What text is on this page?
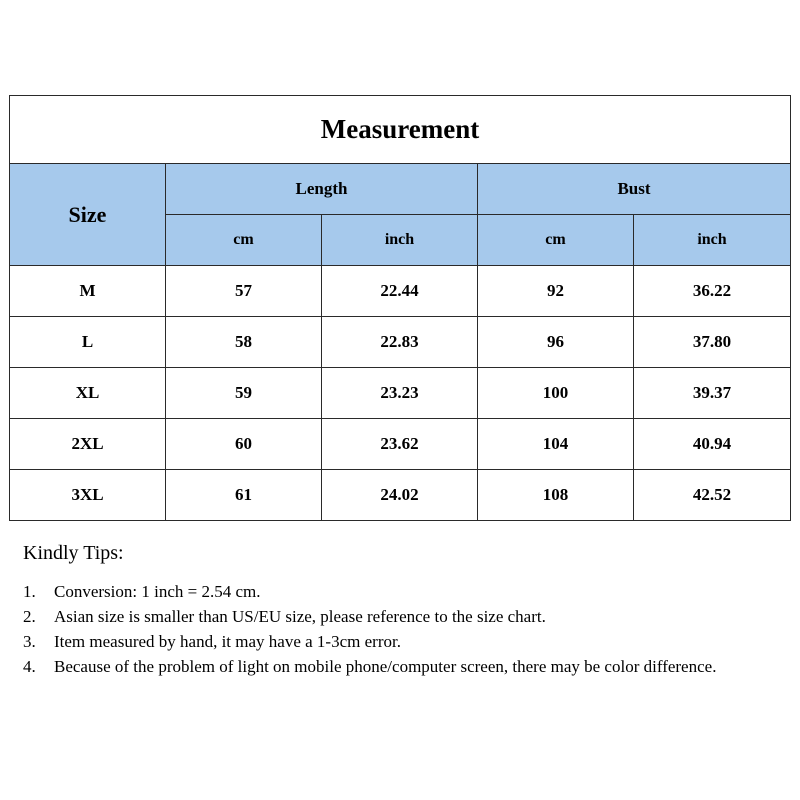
Measurement				
Size	Length		Bust	
	cm	inch	cm	inch
M	57	22.44	92	36.22
L	58	22.83	96	37.80
XL	59	23.23	100	39.37
2XL	60	23.62	104	40.94
3XL	61	24.02	108	42.52
Kindly Tips:
1.	Conversion: 1 inch = 2.54 cm.
2.	Asian size is smaller than US/EU size, please reference to the size chart.
3.	Item measured by hand, it may have a 1-3cm error.
4.	Because of the problem of light on mobile phone/computer screen, there may be color difference.
